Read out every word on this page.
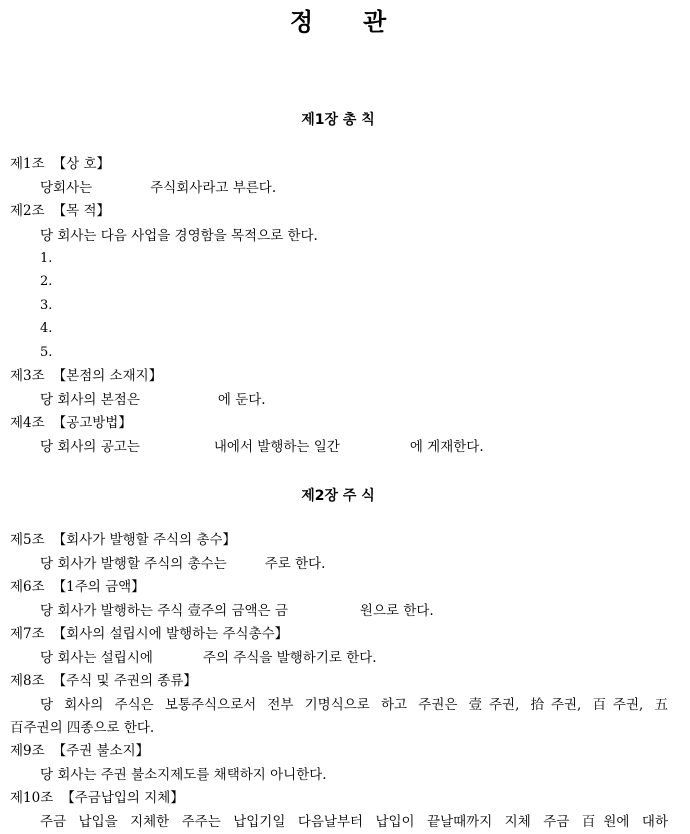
정 관
제1장 총 칙
제1조 【상 호】
당회사는	주식회사라고 부른다.
제2조 【목 적】
당 회사는 다음 사업을 경영함을 목적으로 한다.
1.
2.
3.
4.
5.
제3조 【본점의 소재지】
당 회사의 본점은	에 둔다.
제4조 【공고방법】
당 회사의 공고는	내에서 발행하는 일간	에 게재한다.
제2장 주 식
제5조 【회사가 발행할 주식의 총수】
당 회사가 발행할 주식의 총수는	주로 한다.
제6조 【1주의 금액】
당 회사가 발행하는 주식 壹주의 금액은 금	원으로 한다.
제7조 【회사의 설립시에 발행하는 주식총수】
당 회사는 설립시에	주의 주식을 발행하기로 한다.
제8조 【주식 및 주권의 종류】
당 회사의 주식은 보통주식으로서 전부 기명식으로 하고 주권은 壹주권, 拾주권, 百주권, 五
百주권의 四종으로 한다.
제9조 【주권 불소지】
당 회사는 주권 불소지제도를 채택하지 아니한다.
제10조 【주금납입의 지체】
주금 납입을 지체한 주주는 납입기일 다음날부터 납입이 끝날때까지 지체 주금 百원에 대하
